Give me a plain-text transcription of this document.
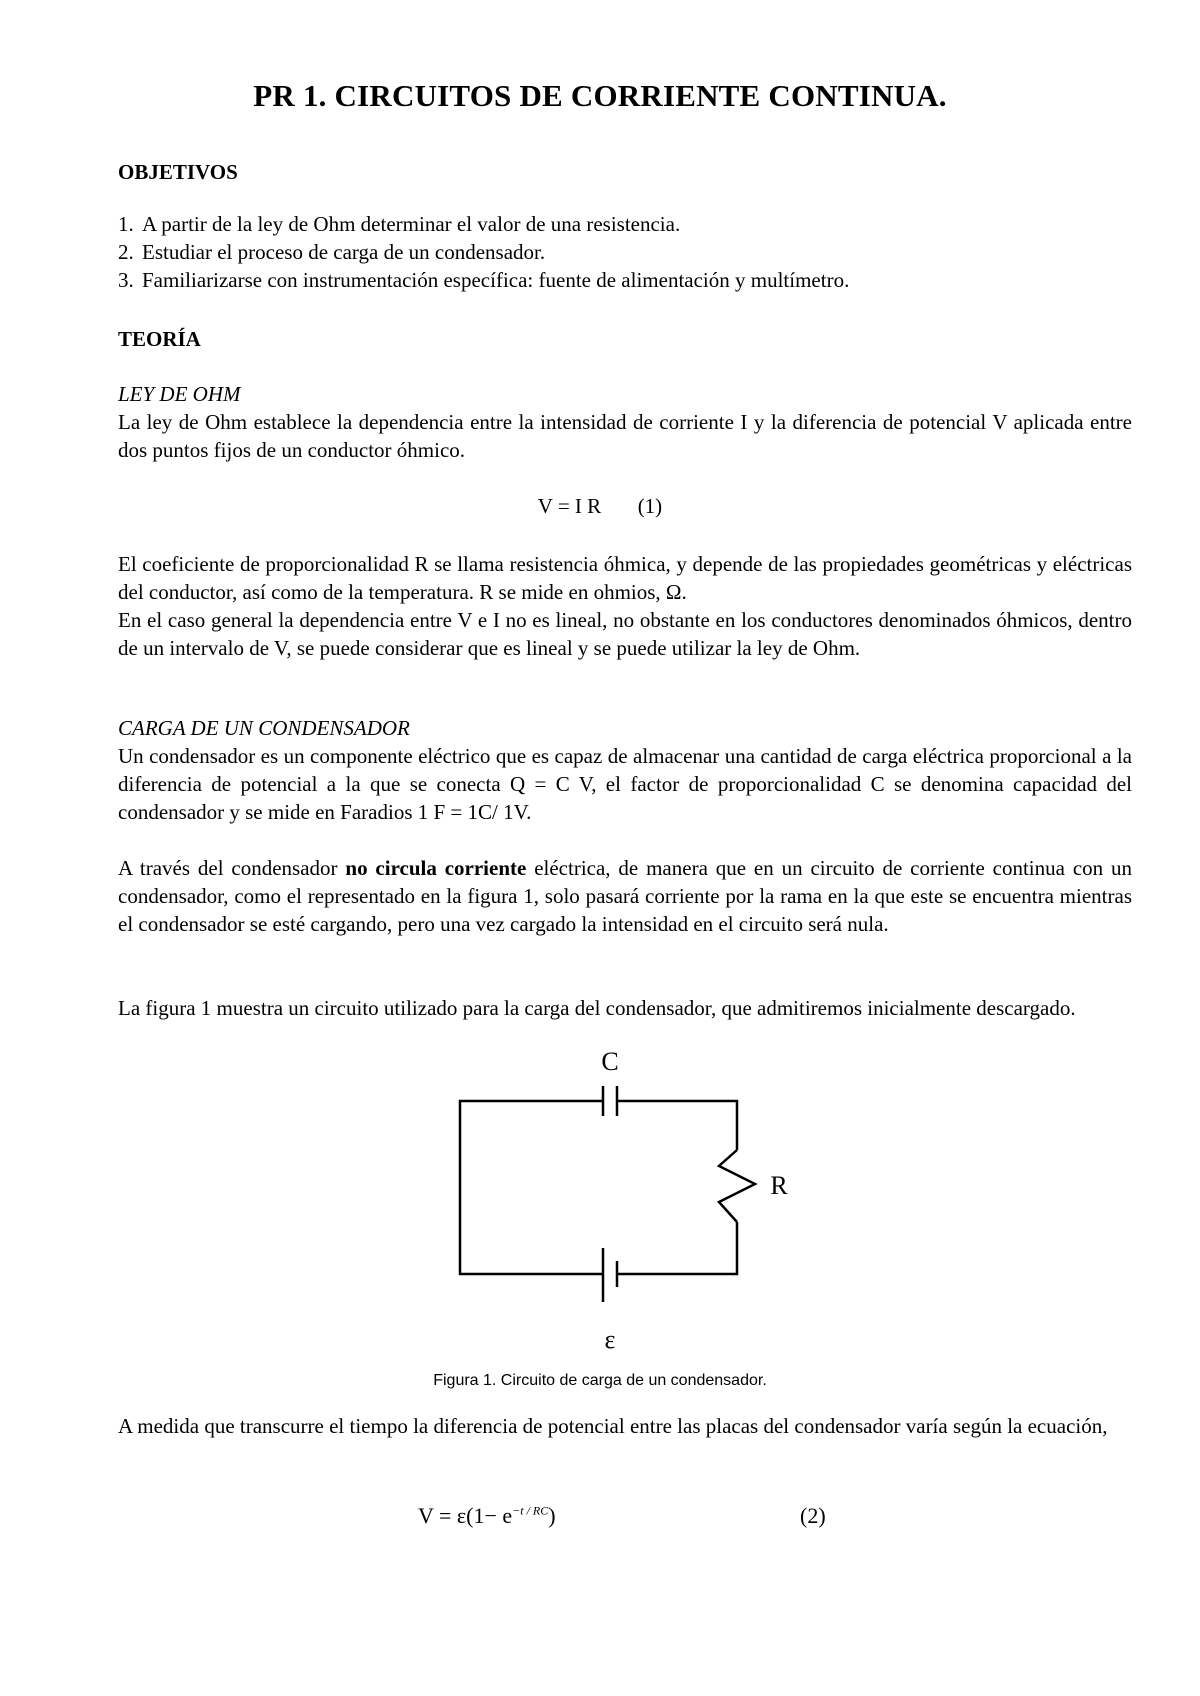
PR 1. CIRCUITOS DE CORRIENTE CONTINUA.
OBJETIVOS
1. A partir de la ley de Ohm determinar el valor de una resistencia.
2. Estudiar el proceso de carga de un condensador.
3. Familiarizarse con instrumentación específica: fuente de alimentación y multímetro.
TEORÍA
LEY DE OHM
La ley de Ohm establece la dependencia entre la intensidad de corriente I y la diferencia de potencial V aplicada entre dos puntos fijos de un conductor óhmico.
V = I R (1)
El coeficiente de proporcionalidad R se llama resistencia óhmica, y depende de las propiedades geométricas y eléctricas del conductor, así como de la temperatura. R se mide en ohmios, Ω.
En el caso general la dependencia entre V e I no es lineal, no obstante en los conductores denominados óhmicos, dentro de un intervalo de V, se puede considerar que es lineal y se puede utilizar la ley de Ohm.
CARGA DE UN CONDENSADOR
Un condensador es un componente eléctrico que es capaz de almacenar una cantidad de carga eléctrica proporcional a la diferencia de potencial a la que se conecta Q = C V, el factor de proporcionalidad C se denomina capacidad del condensador y se mide en Faradios 1 F = 1C/ 1V.
A través del condensador no circula corriente eléctrica, de manera que en un circuito de corriente continua con un condensador, como el representado en la figura 1, solo pasará corriente por la rama en la que este se encuentra mientras el condensador se esté cargando, pero una vez cargado la intensidad en el circuito será nula.
La figura 1 muestra un circuito utilizado para la carga del condensador, que admitiremos inicialmente descargado.
C
R
ε
Figura 1. Circuito de carga de un condensador.
A medida que transcurre el tiempo la diferencia de potencial entre las placas del condensador varía según la ecuación,
$V = \varepsilon(1- e^{-t / RC})$	(2)
